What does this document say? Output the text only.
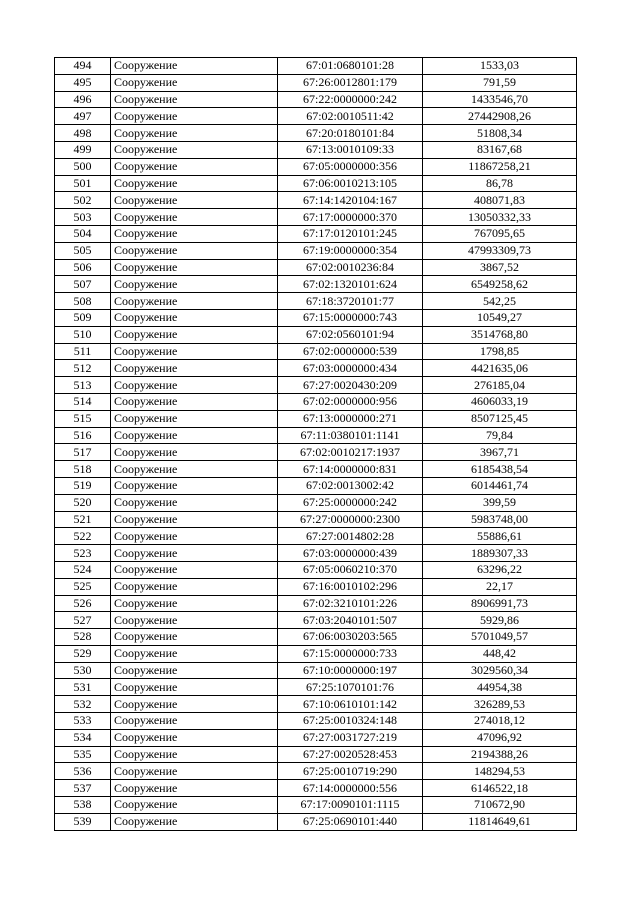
494	Сооружение	67:01:0680101:28	1533,03
495	Сооружение	67:26:0012801:179	791,59
496	Сооружение	67:22:0000000:242	1433546,70
497	Сооружение	67:02:0010511:42	27442908,26
498	Сооружение	67:20:0180101:84	51808,34
499	Сооружение	67:13:0010109:33	83167,68
500	Сооружение	67:05:0000000:356	11867258,21
501	Сооружение	67:06:0010213:105	86,78
502	Сооружение	67:14:1420104:167	408071,83
503	Сооружение	67:17:0000000:370	13050332,33
504	Сооружение	67:17:0120101:245	767095,65
505	Сооружение	67:19:0000000:354	47993309,73
506	Сооружение	67:02:0010236:84	3867,52
507	Сооружение	67:02:1320101:624	6549258,62
508	Сооружение	67:18:3720101:77	542,25
509	Сооружение	67:15:0000000:743	10549,27
510	Сооружение	67:02:0560101:94	3514768,80
511	Сооружение	67:02:0000000:539	1798,85
512	Сооружение	67:03:0000000:434	4421635,06
513	Сооружение	67:27:0020430:209	276185,04
514	Сооружение	67:02:0000000:956	4606033,19
515	Сооружение	67:13:0000000:271	8507125,45
516	Сооружение	67:11:0380101:1141	79,84
517	Сооружение	67:02:0010217:1937	3967,71
518	Сооружение	67:14:0000000:831	6185438,54
519	Сооружение	67:02:0013002:42	6014461,74
520	Сооружение	67:25:0000000:242	399,59
521	Сооружение	67:27:0000000:2300	5983748,00
522	Сооружение	67:27:0014802:28	55886,61
523	Сооружение	67:03:0000000:439	1889307,33
524	Сооружение	67:05:0060210:370	63296,22
525	Сооружение	67:16:0010102:296	22,17
526	Сооружение	67:02:3210101:226	8906991,73
527	Сооружение	67:03:2040101:507	5929,86
528	Сооружение	67:06:0030203:565	5701049,57
529	Сооружение	67:15:0000000:733	448,42
530	Сооружение	67:10:0000000:197	3029560,34
531	Сооружение	67:25:1070101:76	44954,38
532	Сооружение	67:10:0610101:142	326289,53
533	Сооружение	67:25:0010324:148	274018,12
534	Сооружение	67:27:0031727:219	47096,92
535	Сооружение	67:27:0020528:453	2194388,26
536	Сооружение	67:25:0010719:290	148294,53
537	Сооружение	67:14:0000000:556	6146522,18
538	Сооружение	67:17:0090101:1115	710672,90
539	Сооружение	67:25:0690101:440	11814649,61
